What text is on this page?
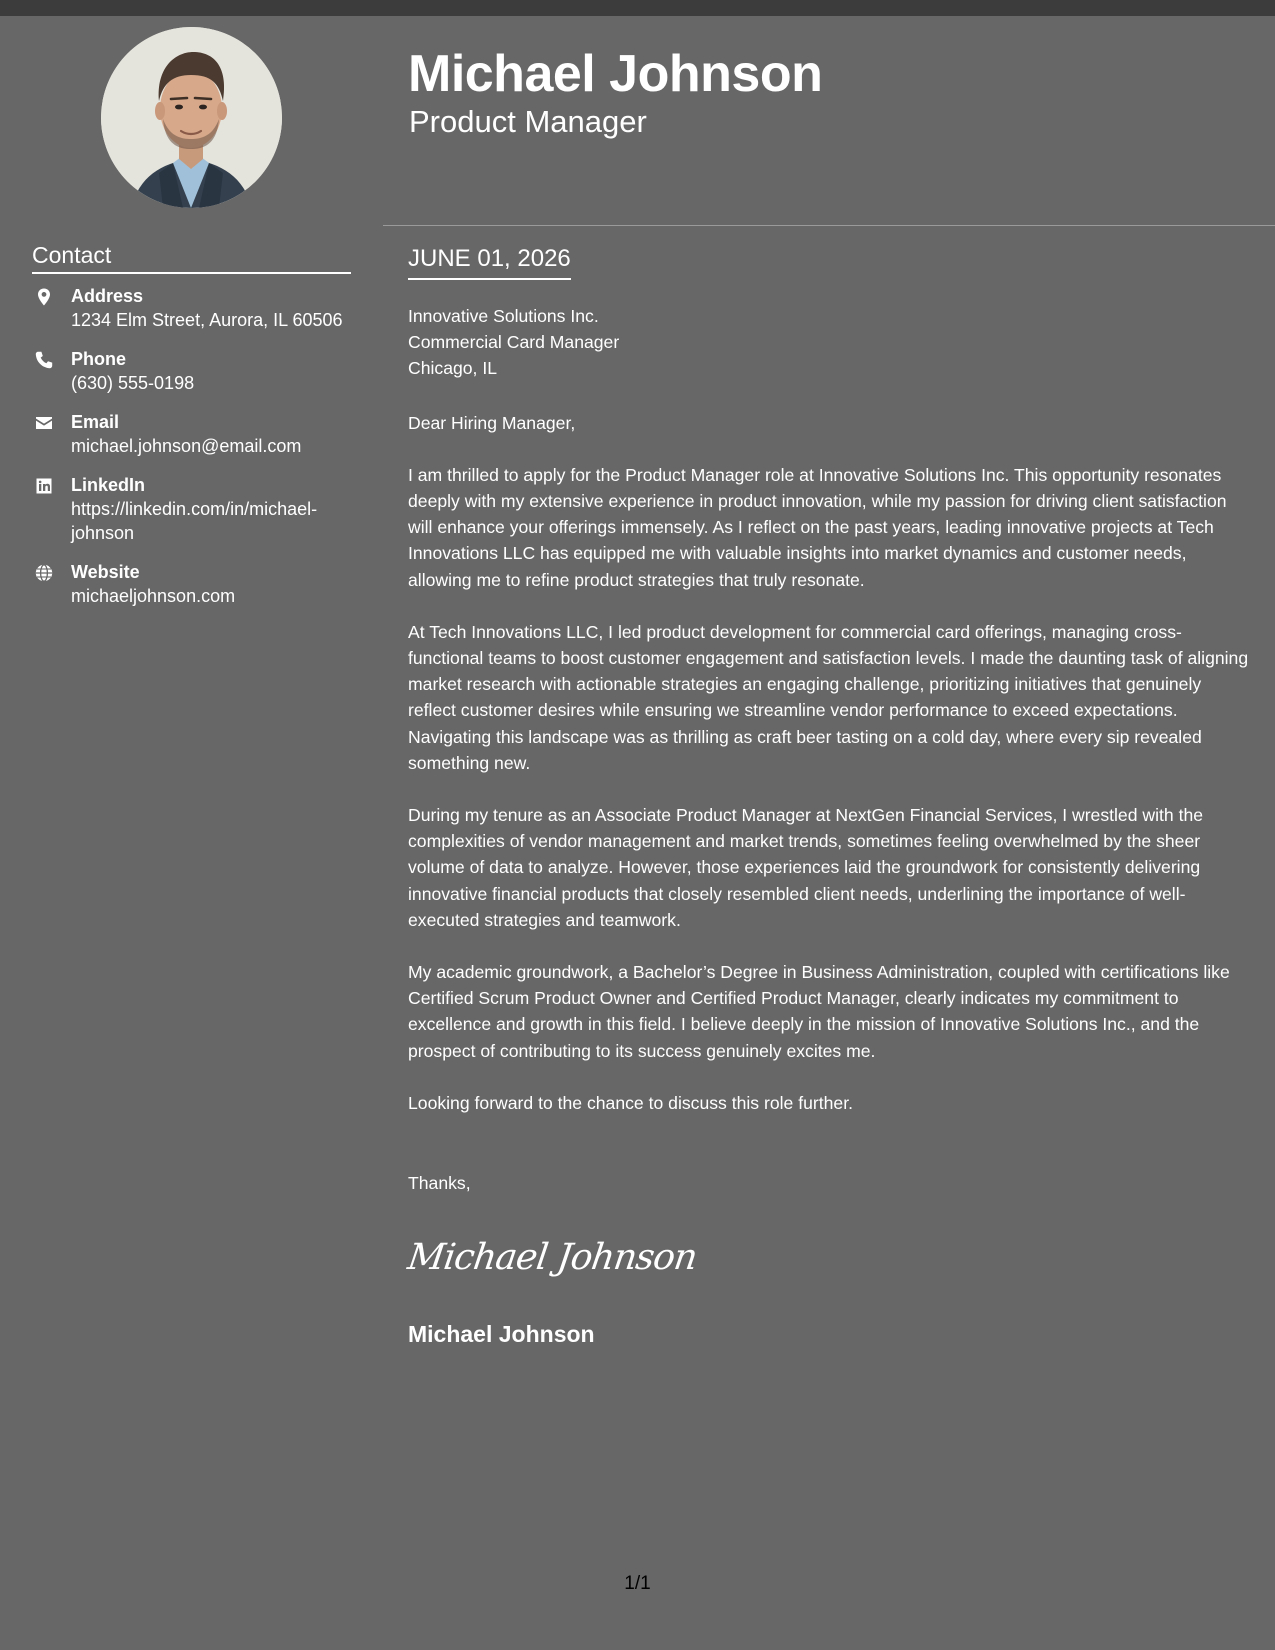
Contact
Address
1234 Elm Street, Aurora, IL 60506
Phone
(630) 555-0198
Email
michael.johnson@email.com
LinkedIn
https://linkedin.com/in/michael-johnson
Website
michaeljohnson.com
Michael Johnson
Product Manager
JUNE 01, 2026

Innovative Solutions Inc.

Commercial Card Manager

Chicago, IL

Dear Hiring Manager,

I am thrilled to apply for the Product Manager role at Innovative Solutions Inc. This opportunity resonates deeply with my extensive experience in product innovation, while my passion for driving client satisfaction will enhance your offerings immensely. As I reflect on the past years, leading innovative projects at Tech Innovations LLC has equipped me with valuable insights into market dynamics and customer needs, allowing me to refine product strategies that truly resonate.

At Tech Innovations LLC, I led product development for commercial card offerings, managing cross-functional teams to boost customer engagement and satisfaction levels. I made the daunting task of aligning market research with actionable strategies an engaging challenge, prioritizing initiatives that genuinely reflect customer desires while ensuring we streamline vendor performance to exceed expectations. Navigating this landscape was as thrilling as craft beer tasting on a cold day, where every sip revealed something new.

During my tenure as an Associate Product Manager at NextGen Financial Services, I wrestled with the complexities of vendor management and market trends, sometimes feeling overwhelmed by the sheer volume of data to analyze. However, those experiences laid the groundwork for consistently delivering innovative financial products that closely resembled client needs, underlining the importance of well-executed strategies and teamwork.

My academic groundwork, a Bachelor’s Degree in Business Administration, coupled with certifications like Certified Scrum Product Owner and Certified Product Manager, clearly indicates my commitment to excellence and growth in this field. I believe deeply in the mission of Innovative Solutions Inc., and the prospect of contributing to its success genuinely excites me.

Looking forward to the chance to discuss this role further.

Thanks,

Michael Johnson
Michael Johnson
1/1
